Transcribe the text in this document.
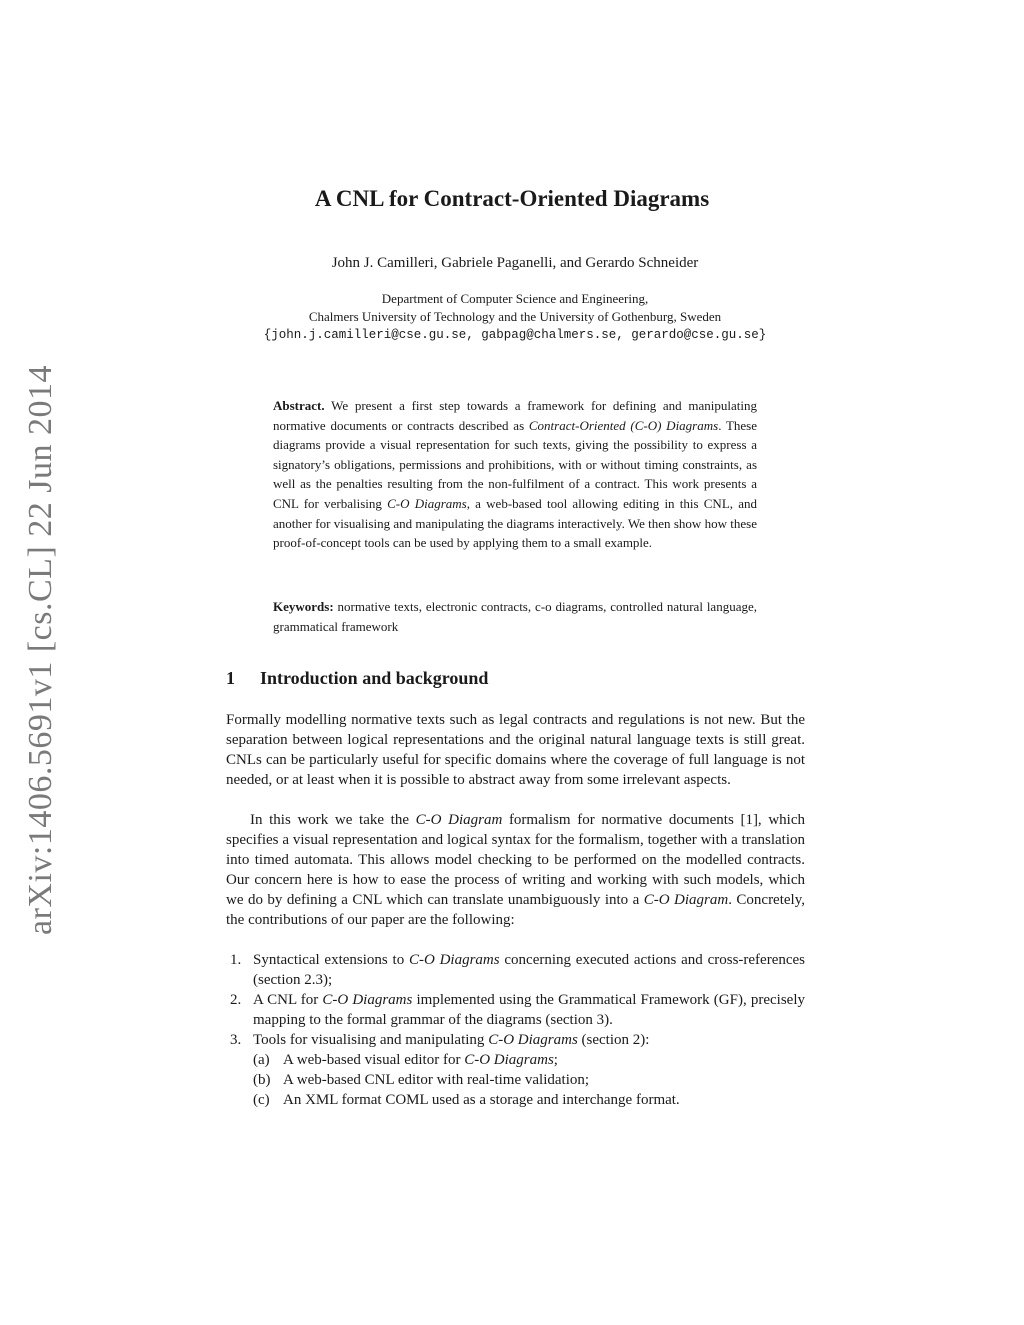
arXiv:1406.5691v1 [cs.CL] 22 Jun 2014
A CNL for Contract-Oriented Diagrams
John J. Camilleri, Gabriele Paganelli, and Gerardo Schneider
Department of Computer Science and Engineering,
Chalmers University of Technology and the University of Gothenburg, Sweden
{john.j.camilleri@cse.gu.se, gabpag@chalmers.se, gerardo@cse.gu.se}
Abstract. We present a first step towards a framework for defining and manipulating normative documents or contracts described as Contract-Oriented (C-O) Diagrams. These diagrams provide a visual representation for such texts, giving the possibility to express a signatory’s obligations, permissions and prohibitions, with or without timing constraints, as well as the penalties resulting from the non-fulfilment of a contract. This work presents a CNL for verbalising C-O Diagrams, a web-based tool allowing editing in this CNL, and another for visualising and manipulating the diagrams interactively. We then show how these proof-of-concept tools can be used by applying them to a small example.
Keywords: normative texts, electronic contracts, c-o diagrams, controlled natural language, grammatical framework
1 Introduction and background
Formally modelling normative texts such as legal contracts and regulations is not new. But the separation between logical representations and the original natural language texts is still great. CNLs can be particularly useful for specific domains where the coverage of full language is not needed, or at least when it is possible to abstract away from some irrelevant aspects.
In this work we take the C-O Diagram formalism for normative documents [1], which specifies a visual representation and logical syntax for the formalism, together with a translation into timed automata. This allows model checking to be performed on the modelled contracts. Our concern here is how to ease the process of writing and working with such models, which we do by defining a CNL which can translate unambiguously into a C-O Diagram. Concretely, the contributions of our paper are the following:
1. Syntactical extensions to C-O Diagrams concerning executed actions and cross-references (section 2.3);
2. A CNL for C-O Diagrams implemented using the Grammatical Framework (GF), precisely mapping to the formal grammar of the diagrams (section 3).
3. Tools for visualising and manipulating C-O Diagrams (section 2):
(a) A web-based visual editor for C-O Diagrams;
(b) A web-based CNL editor with real-time validation;
(c) An XML format COML used as a storage and interchange format.
